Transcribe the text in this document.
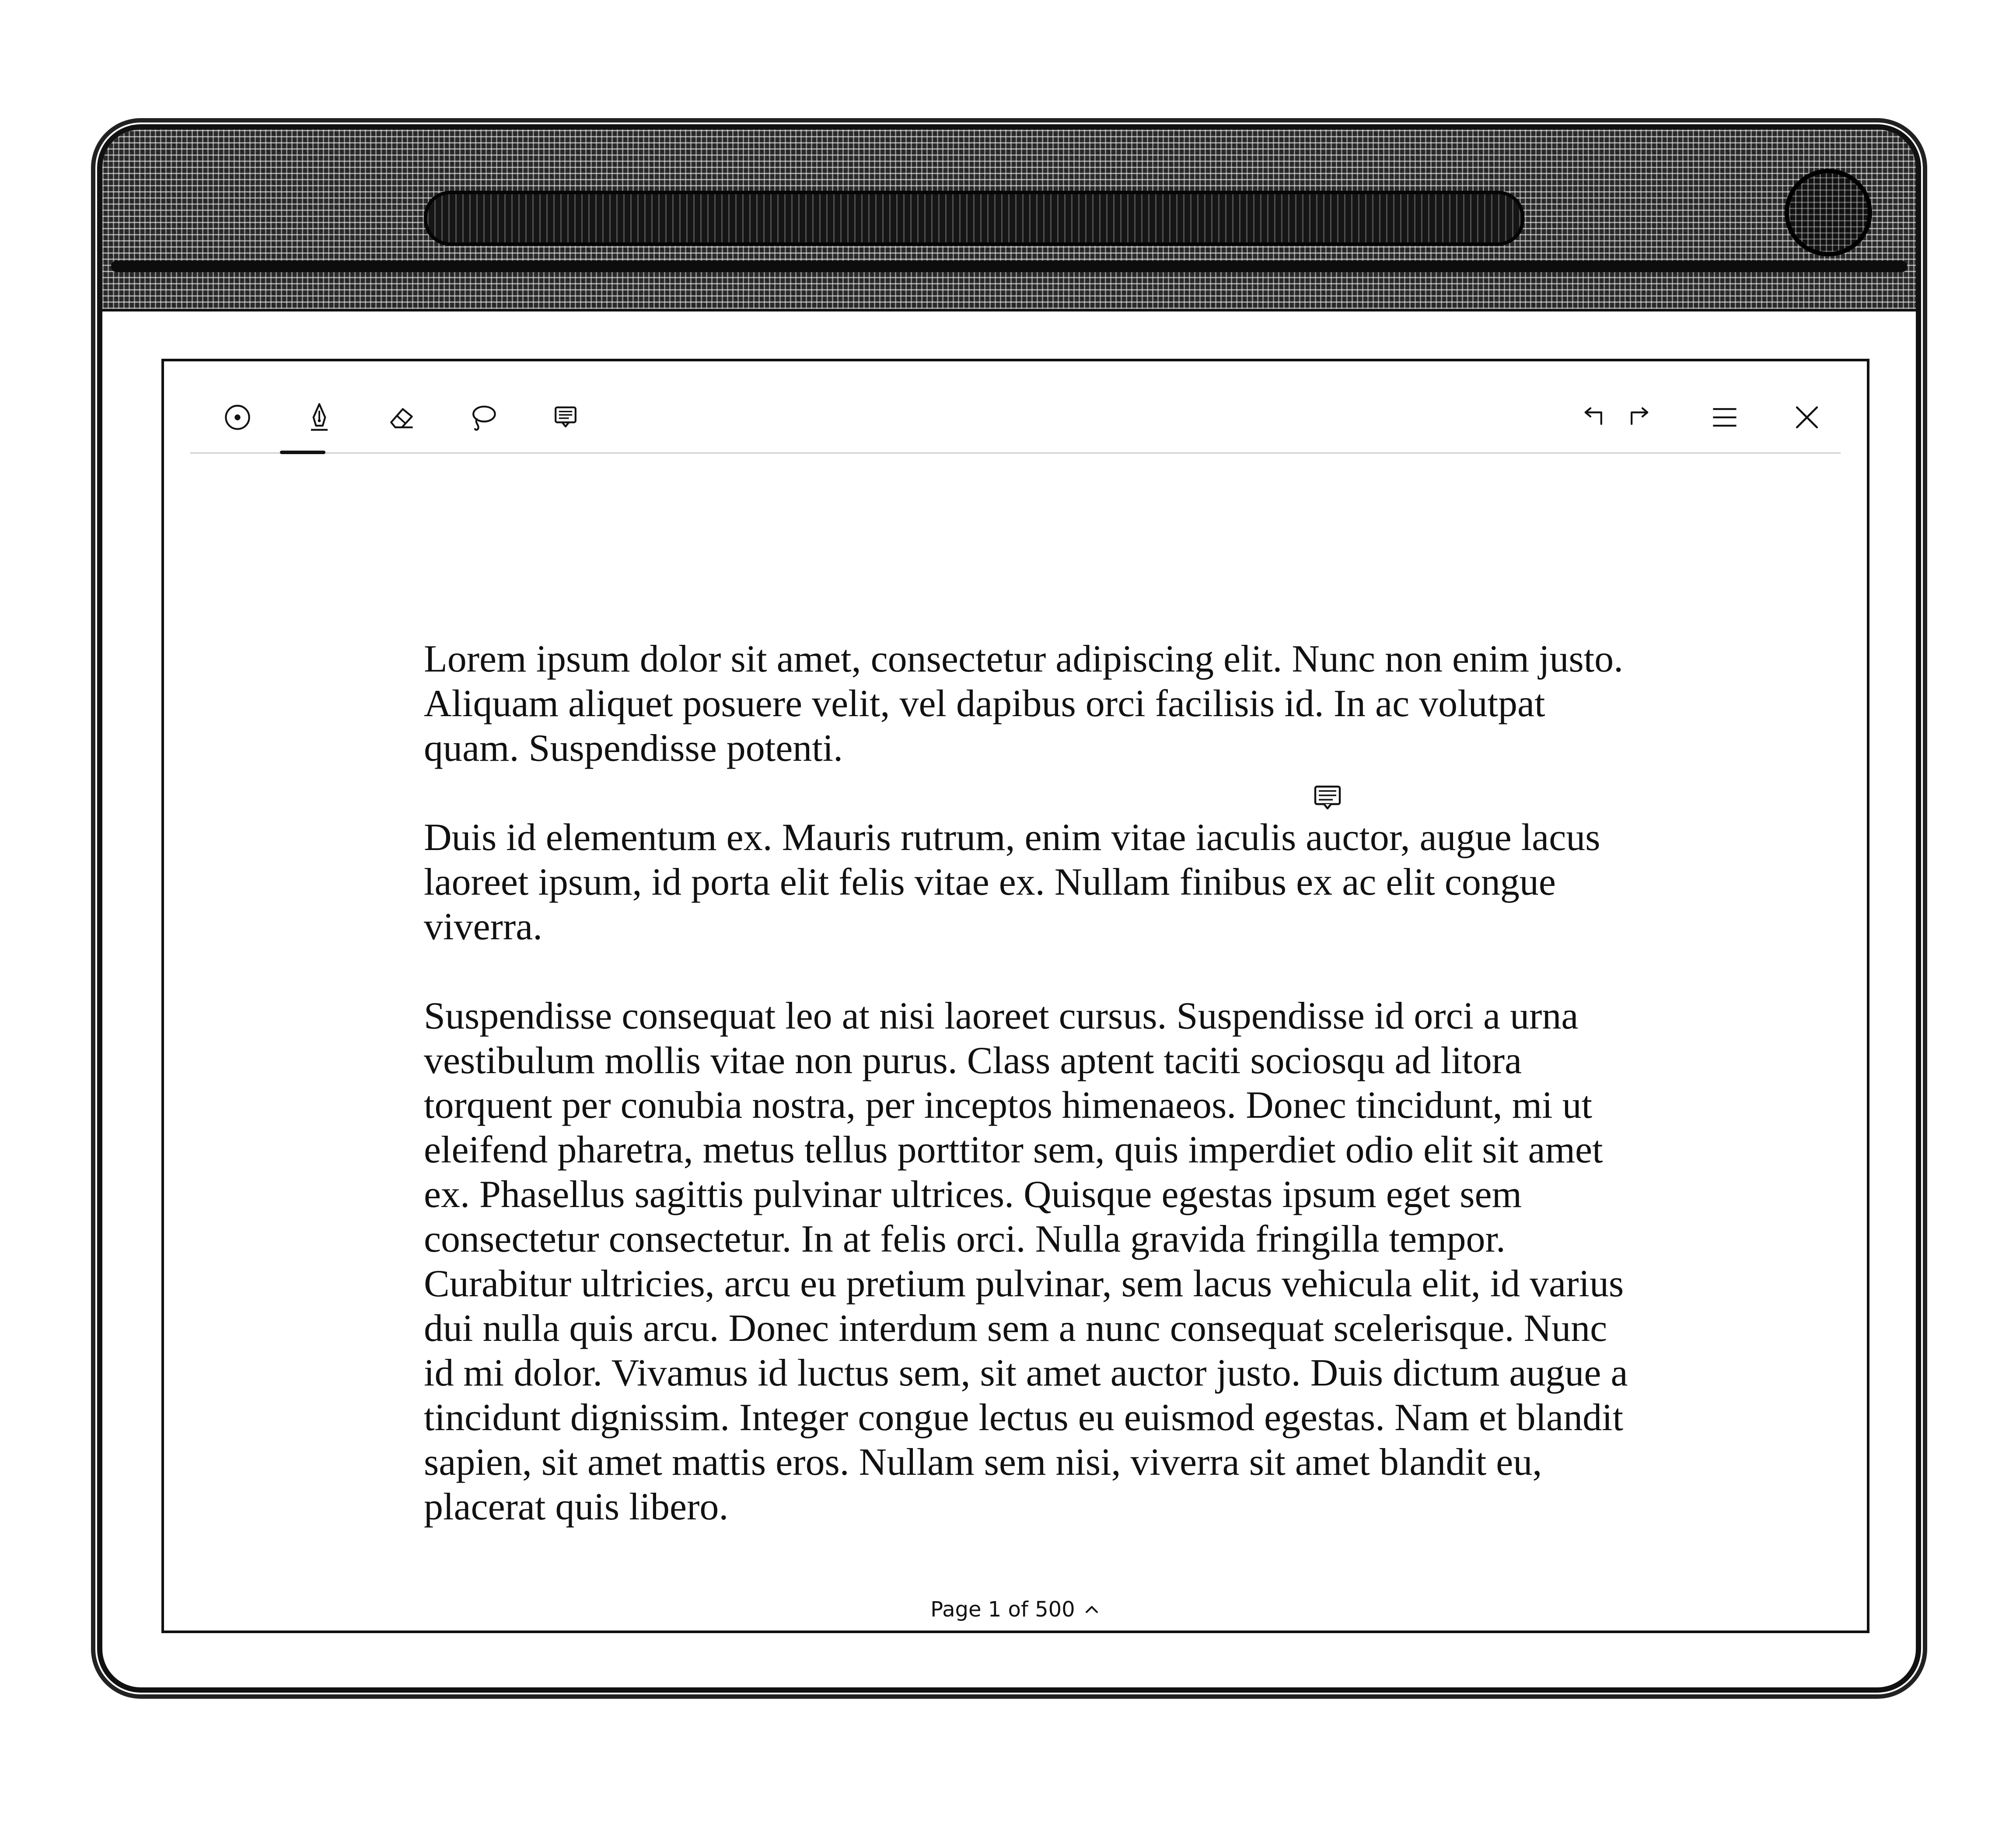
Lorem ipsum dolor sit amet, consectetur adipiscing elit. Nunc non enim justo. Aliquam aliquet posuere velit, vel dapibus orci facilisis id. In ac volutpat quam. Suspendisse potenti.

Duis id elementum ex. Mauris rutrum, enim vitae iaculis auctor, augue lacus laoreet ipsum, id porta elit felis vitae ex. Nullam finibus ex ac elit congue viverra.

Suspendisse consequat leo at nisi laoreet cursus. Suspendisse id orci a urna vestibulum mollis vitae non purus. Class aptent taciti sociosqu ad litora torquent per conubia nostra, per inceptos himenaeos. Donec tincidunt, mi ut eleifend pharetra, metus tellus porttitor sem, quis imperdiet odio elit sit amet ex. Phasellus sagittis pulvinar ultrices. Quisque egestas ipsum eget sem consectetur consectetur. In at felis orci. Nulla gravida fringilla tempor. Curabitur ultricies, arcu eu pretium pulvinar, sem lacus vehicula elit, id varius dui nulla quis arcu. Donec interdum sem a nunc consequat scelerisque. Nunc id mi dolor. Vivamus id luctus sem, sit amet auctor justo. Duis dictum augue a tincidunt dignissim. Integer congue lectus eu euismod egestas. Nam et blandit sapien, sit amet mattis eros. Nullam sem nisi, viverra sit amet blandit eu, placerat quis libero.

Page 1 of 500
